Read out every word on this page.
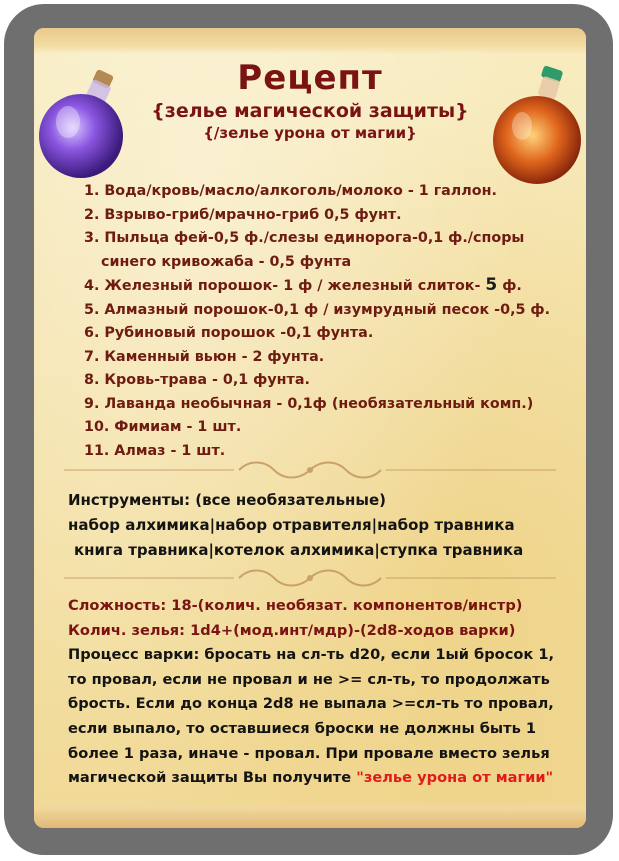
Рецепт
{зелье магической защиты}
{/зелье урона от магии}
1. Вода/кровь/масло/алкоголь/молоко - 1 галлон.
2. Взрыво-гриб/мрачно-гриб 0,5 фунт.
3. Пыльца фей-0,5 ф./слезы единорога-0,1 ф./споры
синего кривожаба - 0,5 фунта
4. Железный порошок- 1 ф / железный слиток- 5 ф.
5. Алмазный порошок-0,1 ф / изумрудный песок -0,5 ф.
6. Рубиновый порошок -0,1 фунта.
7. Каменный вьюн - 2 фунта.
8. Кровь-трава - 0,1 фунта.
9. Лаванда необычная - 0,1ф (необязательный комп.)
10. Фимиам - 1 шт.
11. Алмаз - 1 шт.
Инструменты: (все необязательные)
набор алхимика|набор отравителя|набор травника
книга травника|котелок алхимика|ступка травника
Сложность: 18-(колич. необязат. компонентов/инстр)
Колич. зелья: 1d4+(мод.инт/мдр)-(2d8-ходов варки)
Процесс варки: бросать на сл-ть d20, если 1ый бросок 1,
то провал, если не провал и не >= сл-ть, то продолжать
брость. Если до конца 2d8 не выпала >=сл-ть то провал,
если выпало, то оставшиеся броски не должны быть 1
более 1 раза, иначе - провал. При провале вместо зелья
магической защиты Вы получите "зелье урона от магии"
